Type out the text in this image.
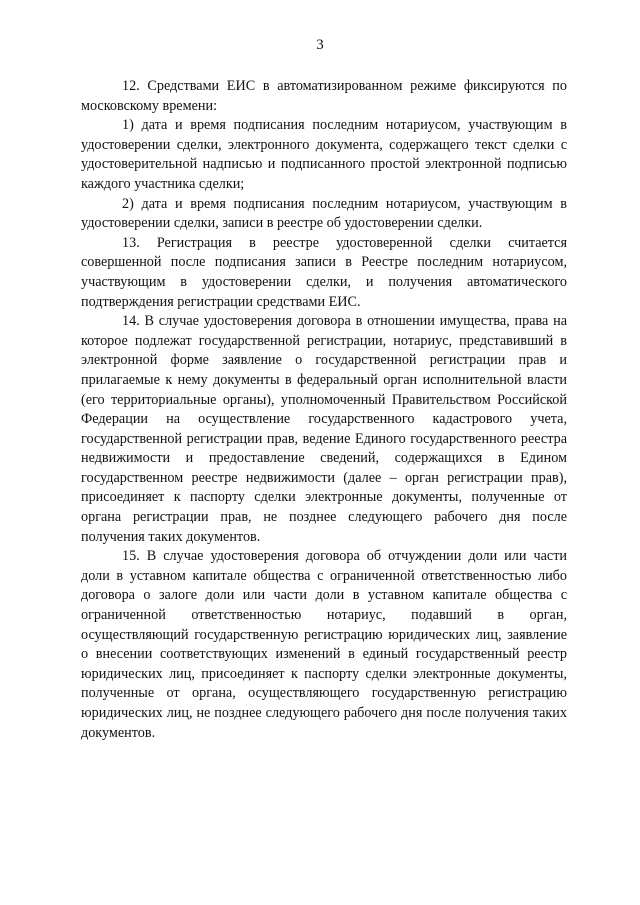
3

12. Средствами ЕИС в автоматизированном режиме фиксируются по московскому времени:

1) дата и время подписания последним нотариусом, участвующим в удостоверении сделки, электронного документа, содержащего текст сделки с удостоверительной надписью и подписанного простой электронной подписью каждого участника сделки;

2) дата и время подписания последним нотариусом, участвующим в удостоверении сделки, записи в реестре об удостоверении сделки.

13. Регистрация в реестре удостоверенной сделки считается совершенной после подписания записи в Реестре последним нотариусом, участвующим в удостоверении сделки, и получения автоматического подтверждения регистрации средствами ЕИС.

14. В случае удостоверения договора в отношении имущества, права на которое подлежат государственной регистрации, нотариус, представивший в электронной форме заявление о государственной регистрации прав и прилагаемые к нему документы в федеральный орган исполнительной власти (его территориальные органы), уполномоченный Правительством Российской Федерации на осуществление государственного кадастрового учета, государственной регистрации прав, ведение Единого государственного реестра недвижимости и предоставление сведений, содержащихся в Едином государственном реестре недвижимости (далее – орган регистрации прав), присоединяет к паспорту сделки электронные документы, полученные от органа регистрации прав, не позднее следующего рабочего дня после получения таких документов.

15. В случае удостоверения договора об отчуждении доли или части доли в уставном капитале общества с ограниченной ответственностью либо договора о залоге доли или части доли в уставном капитале общества с ограниченной ответственностью нотариус, подавший в орган, осуществляющий государственную регистрацию юридических лиц, заявление о внесении соответствующих изменений в единый государственный реестр юридических лиц, присоединяет к паспорту сделки электронные документы, полученные от органа, осуществляющего государственную регистрацию юридических лиц, не позднее следующего рабочего дня после получения таких документов.
